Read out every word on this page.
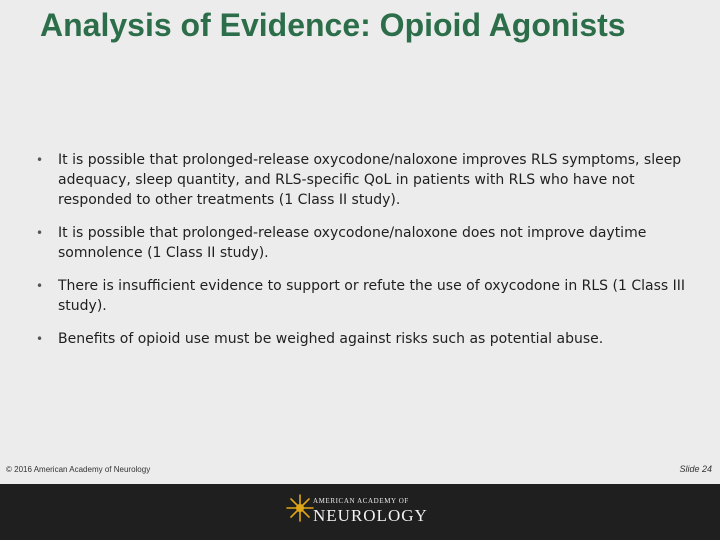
Analysis of Evidence: Opioid Agonists
• It is possible that prolonged-release oxycodone/naloxone improves RLS symptoms, sleep adequacy, sleep quantity, and RLS-specific QoL in patients with RLS who have not responded to other treatments (1 Class II study).
• It is possible that prolonged-release oxycodone/naloxone does not improve daytime somnolence (1 Class II study).
• There is insufficient evidence to support or refute the use of oxycodone in RLS (1 Class III study).
• Benefits of opioid use must be weighed against risks such as potential abuse.
© 2016 American Academy of Neurology	Slide 24
AMERICAN ACADEMY OF
NEUROLOGY
